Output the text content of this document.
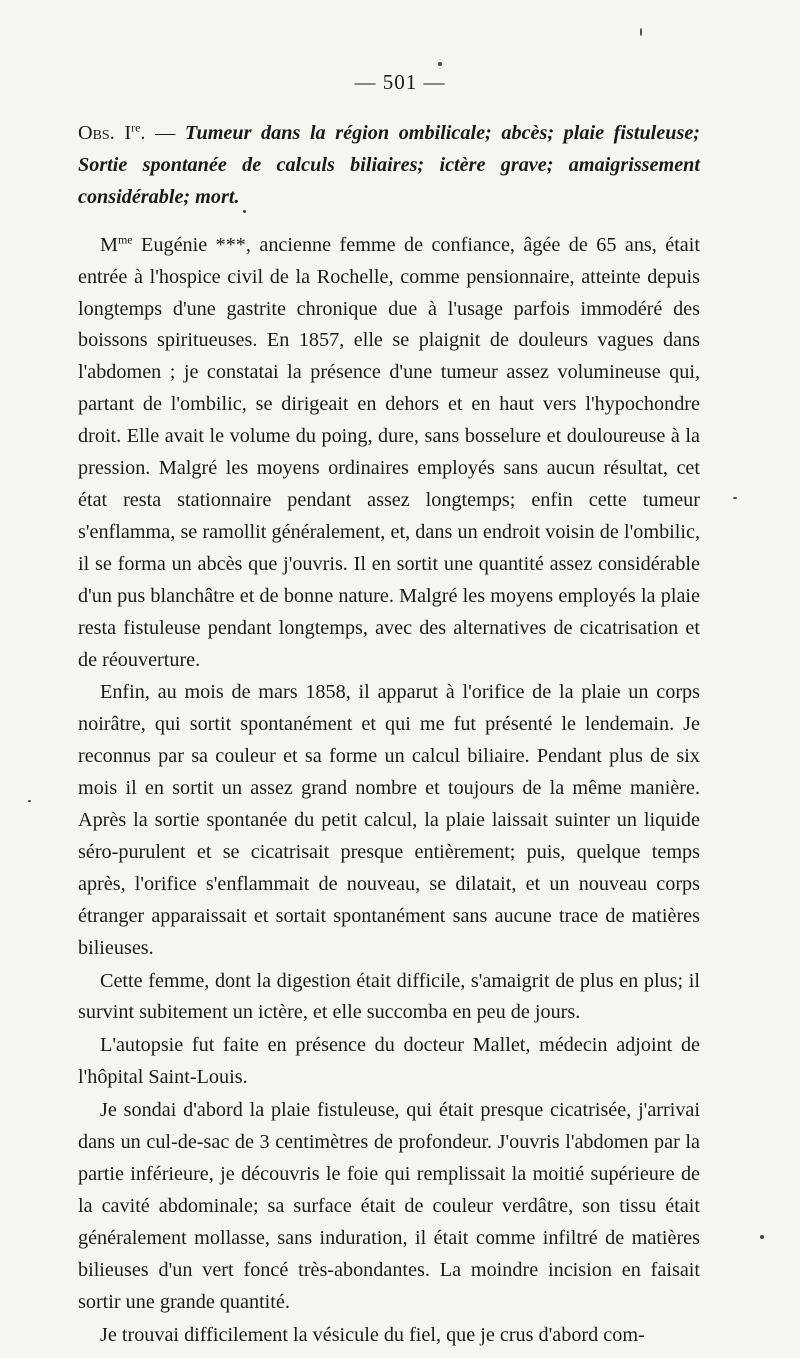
— 501 —

Obs. Ire. — Tumeur dans la région ombilicale; abcès; plaie fistuleuse; Sortie spontanée de calculs biliaires; ictère grave; amaigrissement considérable; mort.

$M^{me}$ Eugénie ***, ancienne femme de confiance, âgée de 65 ans, était entrée à l'hospice civil de la Rochelle, comme pensionnaire, atteinte depuis longtemps d'une gastrite chronique due à l'usage parfois immodéré des boissons spiritueuses. En 1857, elle se plaignit de douleurs vagues dans l'abdomen ; je constatai la présence d'une tumeur assez volumineuse qui, partant de l'ombilic, se dirigeait en dehors et en haut vers l'hypochondre droit. Elle avait le volume du poing, dure, sans bosselure et douloureuse à la pression. Malgré les moyens ordinaires employés sans aucun résultat, cet état resta stationnaire pendant assez longtemps; enfin cette tumeur s'enflamma, se ramollit généralement, et, dans un endroit voisin de l'ombilic, il se forma un abcès que j'ouvris. Il en sortit une quantité assez considérable d'un pus blanchâtre et de bonne nature. Malgré les moyens employés la plaie resta fistuleuse pendant longtemps, avec des alternatives de cicatrisation et de réouverture.

Enfin, au mois de mars 1858, il apparut à l'orifice de la plaie un corps noirâtre, qui sortit spontanément et qui me fut présenté le lendemain. Je reconnus par sa couleur et sa forme un calcul biliaire. Pendant plus de six mois il en sortit un assez grand nombre et toujours de la même manière. Après la sortie spontanée du petit calcul, la plaie laissait suinter un liquide séro-purulent et se cicatrisait presque entièrement; puis, quelque temps après, l'orifice s'enflammait de nouveau, se dilatait, et un nouveau corps étranger apparaissait et sortait spontanément sans aucune trace de matières bilieuses.

Cette femme, dont la digestion était difficile, s'amaigrit de plus en plus; il survint subitement un ictère, et elle succomba en peu de jours.

L'autopsie fut faite en présence du docteur Mallet, médecin adjoint de l'hôpital Saint-Louis.

Je sondai d'abord la plaie fistuleuse, qui était presque cicatrisée, j'arrivai dans un cul-de-sac de 3 centimètres de profondeur. J'ouvris l'abdomen par la partie inférieure, je découvris le foie qui remplissait la moitié supérieure de la cavité abdominale; sa surface était de couleur verdâtre, son tissu était généralement mollasse, sans induration, il était comme infiltré de matières bilieuses d'un vert foncé très-abondantes. La moindre incision en faisait sortir une grande quantité.

Je trouvai difficilement la vésicule du fiel, que je crus d'abord com-
